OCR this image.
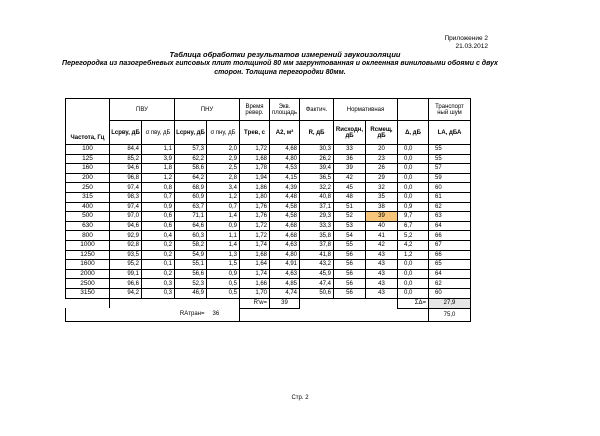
Приложение 2
21.03.2012
Таблица обработки результатов измерений звукоизоляции
Перегородка из пазогребневых гипсовых плит толщиной 80 мм загрунтованная и оклеенная виниловыми обоями с двух
сторон. Толщина перегородки 80мм.
Частота, Гц	ПВУ		ПНУ		Время ревер.	Экв. площадь	Фактич.	Нормативная			Транспорт ный шум
	Lcpву, дБ	σ пву, дБ	Lcpну, дБ	σ пну, дБ	Tрев, с	A2, м²	R, дБ	Rисходн, дБ	Rсмещ, дБ	Δ, дБ	LA, дБА
100	84,4	1,1	57,3	2,0	1,72	4,68	30,3	33	20	0,0	55
125	85,2	3,9	62,2	2,9	1,68	4,80	26,2	36	23	0,0	55
160	94,6	1,8	58,6	2,5	1,78	4,53	39,4	39	26	0,0	57
200	96,8	1,2	64,2	2,8	1,94	4,15	36,5	42	29	0,0	59
250	97,4	0,8	68,9	3,4	1,86	4,39	32,2	45	32	0,0	60
315	98,3	0,7	60,9	1,2	1,80	4,48	40,8	48	35	0,0	61
400	97,4	0,9	63,7	0,7	1,76	4,58	37,1	51	38	0,9	62
500	97,0	0,6	71,1	1,4	1,76	4,58	29,3	52	39	9,7	63
630	94,6	0,6	64,6	0,9	1,72	4,68	33,3	53	40	6,7	64
800	92,9	0,4	60,3	1,1	1,72	4,68	35,8	54	41	5,2	66
1000	92,8	0,2	58,2	1,4	1,74	4,63	37,8	55	42	4,2	67
1250	93,5	0,2	54,9	1,3	1,68	4,80	41,8	56	43	1,2	66
1600	95,2	0,1	55,1	1,5	1,64	4,91	43,2	56	43	0,0	65
2000	99,1	0,2	56,6	0,9	1,74	4,63	45,9	56	43	0,0	64
2500	96,6	0,3	52,3	0,5	1,66	4,85	47,4	56	43	0,0	62
3150	94,2	0,3	46,9	0,5	1,70	4,74	50,6	56	43	0,0	60
					R'w=	39				ΣΔ=	27,9
		RAтран=		36							75,0
Стр. 2
